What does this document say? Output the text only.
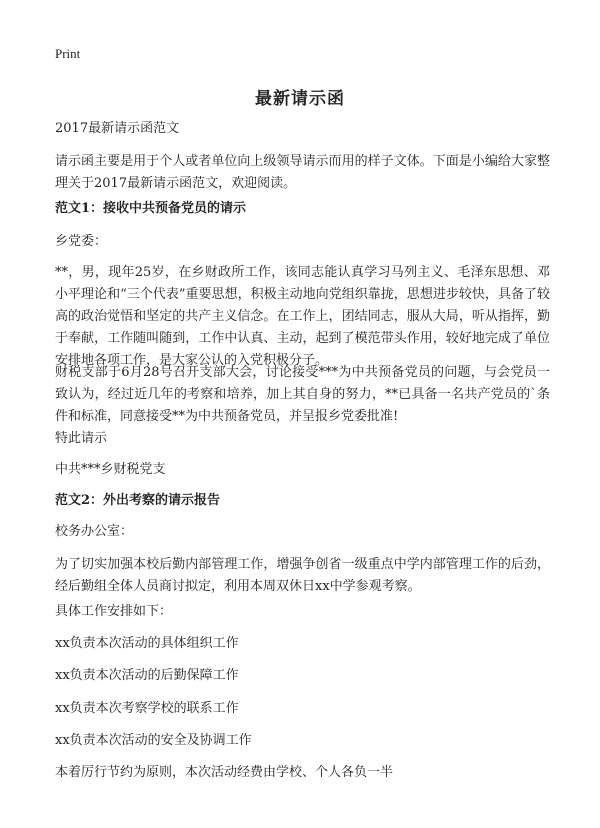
Print
最新请示函

2017最新请示函范文

请示函主要是用于个人或者单位向上级领导请示而用的样子文体。下面是小编给大家整理关于2017最新请示函范文，欢迎阅读。

范文1：接收中共预备党员的请示

乡党委：

**，男，现年25岁，在乡财政所工作，该同志能认真学习马列主义、毛泽东思想、邓小平理论和“三个代表”重要思想，积极主动地向党组织靠拢，思想进步较快，具备了较高的政治觉悟和坚定的共产主义信念。在工作上，团结同志，服从大局，听从指挥，勤于奉献，工作随叫随到，工作中认真、主动，起到了模范带头作用，较好地完成了单位安排地各项工作，是大家公认的入党积极分子。

财税支部于6月28号召开支部大会，讨论接受***为中共预备党员的问题，与会党员一致认为，经过近几年的考察和培养，加上其自身的努力，**已具备一名共产党员的`条件和标准，同意接受**为中共预备党员，并呈报乡党委批准!

特此请示

中共***乡财税党支

范文2：外出考察的请示报告

校务办公室：

为了切实加强本校后勤内部管理工作，增强争创省一级重点中学内部管理工作的后劲，经后勤组全体人员商讨拟定，利用本周双休日xx中学参观考察。

具体工作安排如下：

xx负责本次活动的具体组织工作

xx负责本次活动的后勤保障工作

xx负责本次考察学校的联系工作

xx负责本次活动的安全及协调工作

本着厉行节约为原则，本次活动经费由学校、个人各负一半
